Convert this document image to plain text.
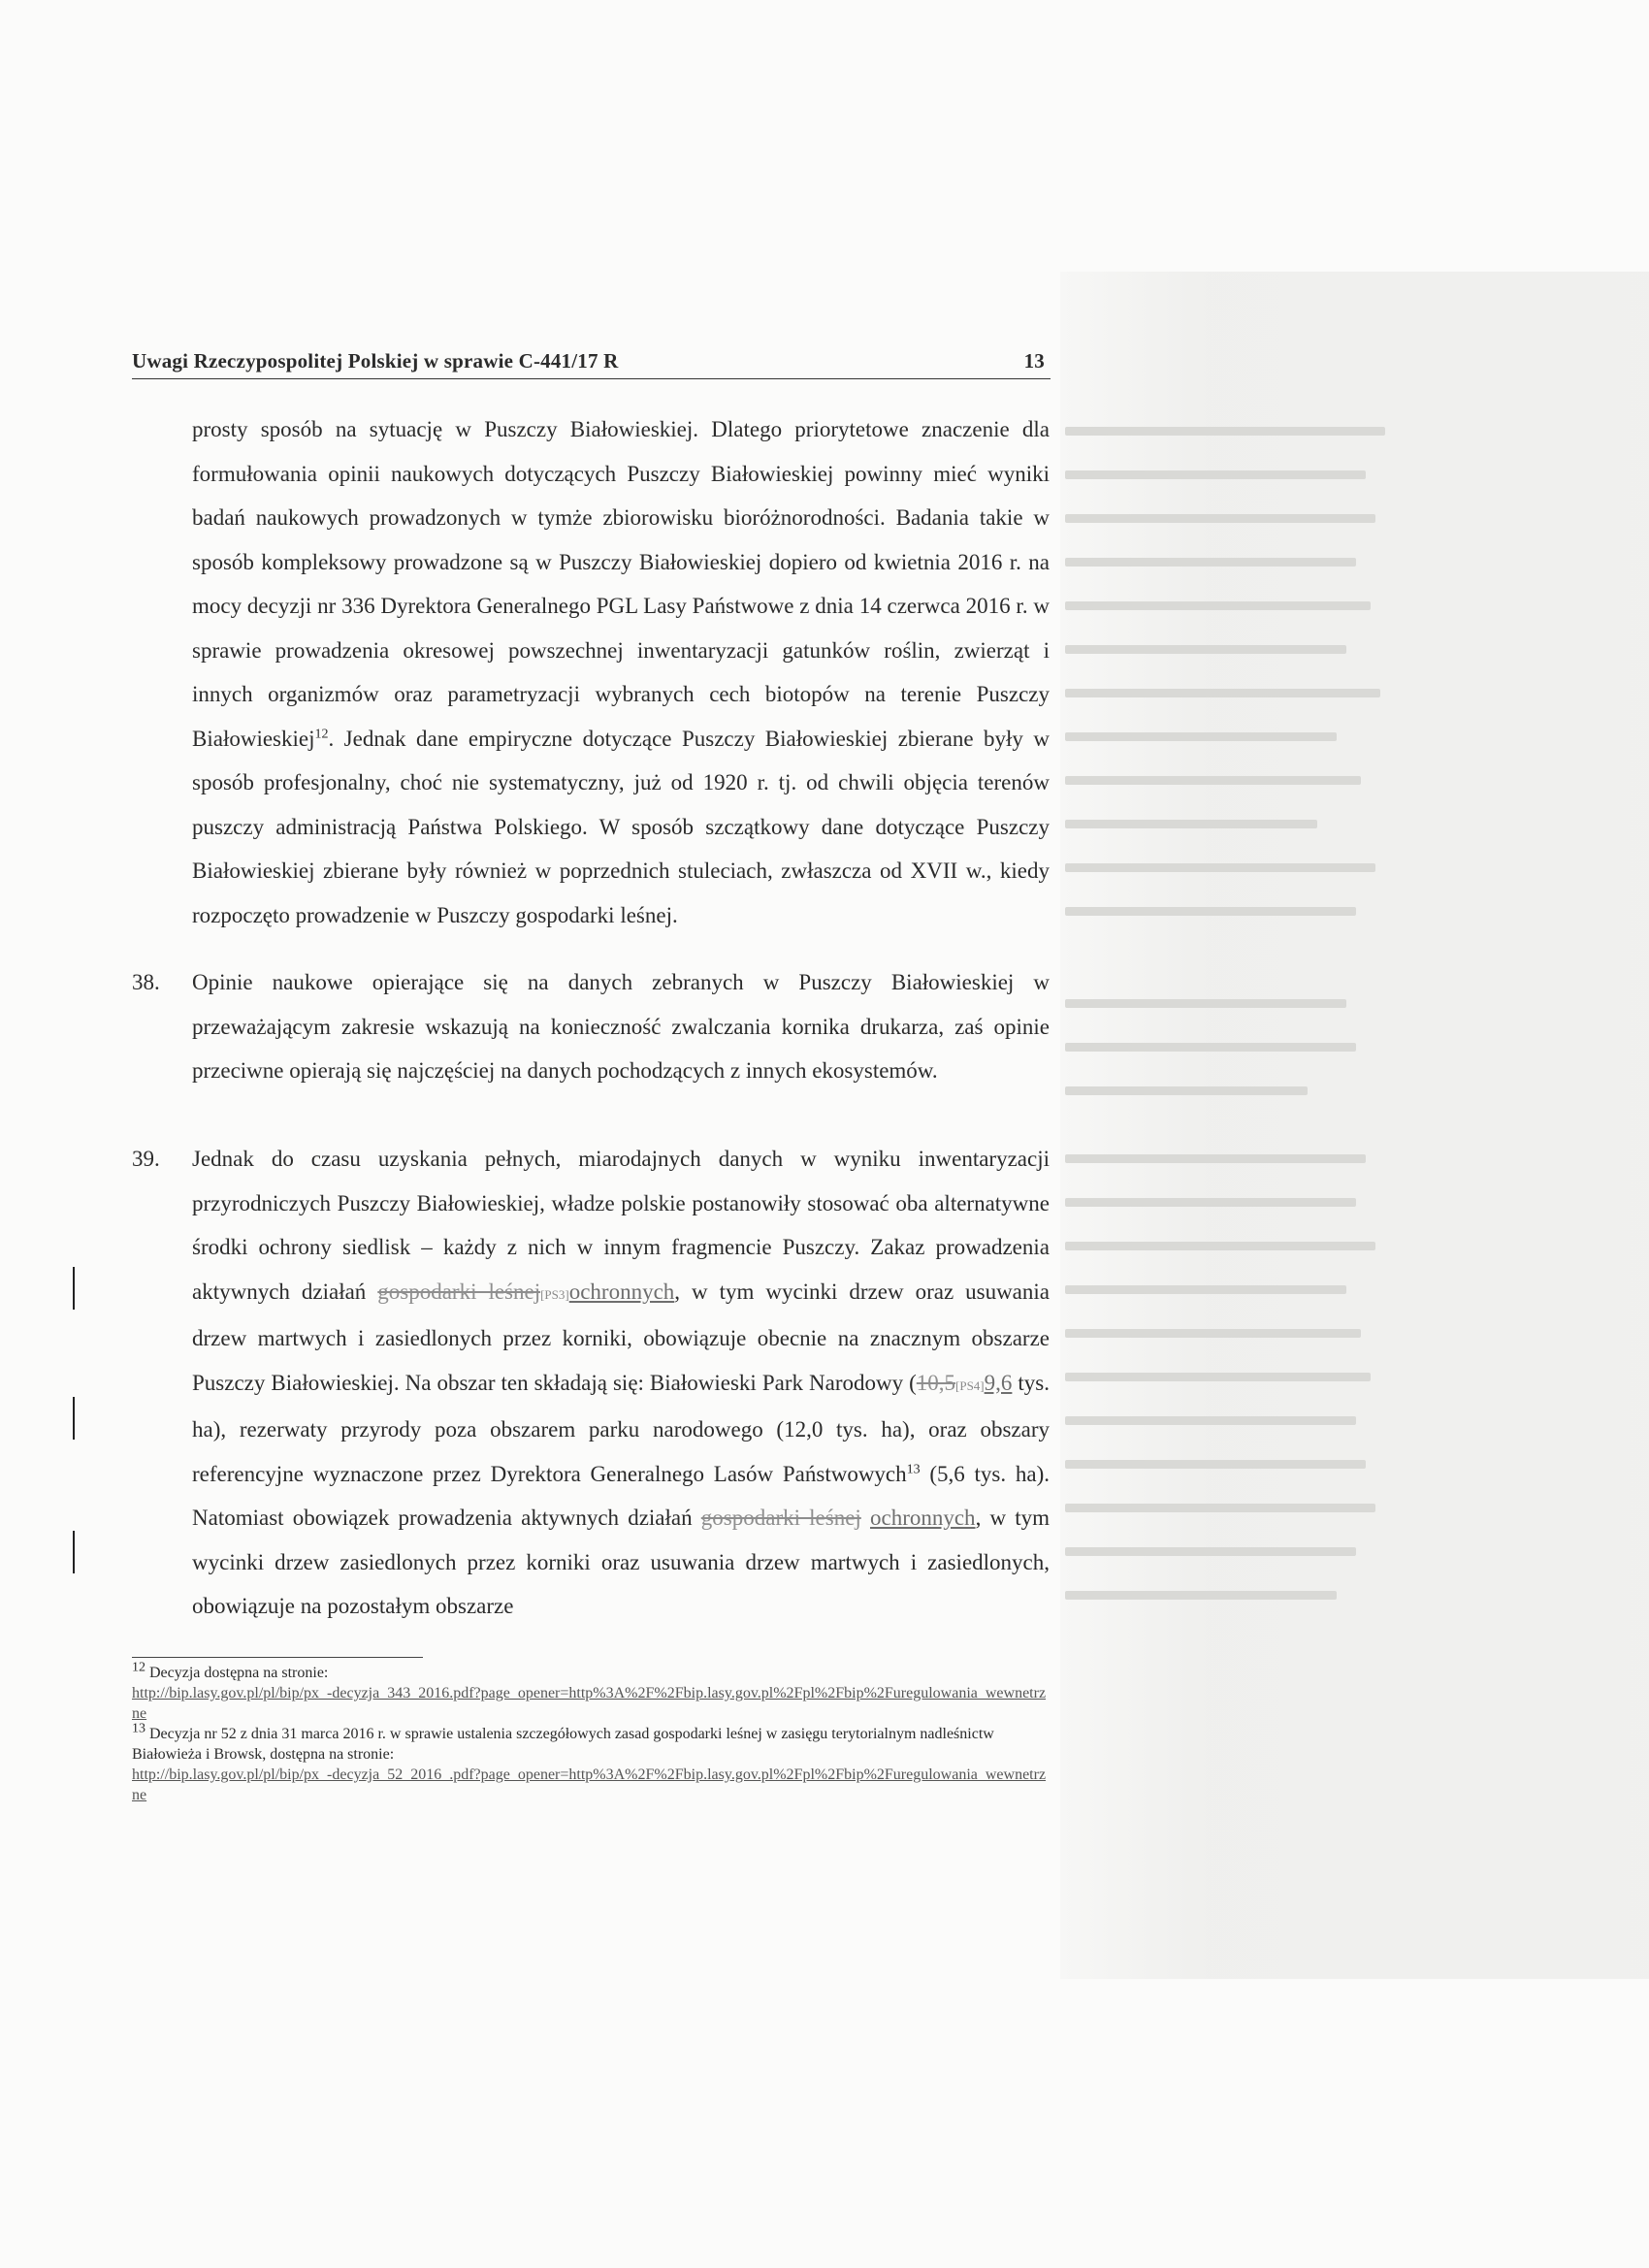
Uwagi Rzeczypospolitej Polskiej w sprawie C-441/17 R	13
prosty sposób na sytuację w Puszczy Białowieskiej. Dlatego priorytetowe znaczenie dla formułowania opinii naukowych dotyczących Puszczy Białowieskiej powinny mieć wyniki badań naukowych prowadzonych w tymże zbiorowisku bioróżnorodności. Badania takie w sposób kompleksowy prowadzone są w Puszczy Białowieskiej dopiero od kwietnia 2016 r. na mocy decyzji nr 336 Dyrektora Generalnego PGL Lasy Państwowe z dnia 14 czerwca 2016 r. w sprawie prowadzenia okresowej powszechnej inwentaryzacji gatunków roślin, zwierząt i innych organizmów oraz parametryzacji wybranych cech biotopów na terenie Puszczy Białowieskiej$^{12}$. Jednak dane empiryczne dotyczące Puszczy Białowieskiej zbierane były w sposób profesjonalny, choć nie systematyczny, już od 1920 r. tj. od chwili objęcia terenów puszczy administracją Państwa Polskiego. W sposób szczątkowy dane dotyczące Puszczy Białowieskiej zbierane były również w poprzednich stuleciach, zwłaszcza od XVII w., kiedy rozpoczęto prowadzenie w Puszczy gospodarki leśnej.
38. Opinie naukowe opierające się na danych zebranych w Puszczy Białowieskiej w przeważającym zakresie wskazują na konieczność zwalczania kornika drukarza, zaś opinie przeciwne opierają się najczęściej na danych pochodzących z innych ekosystemów.
39. Jednak do czasu uzyskania pełnych, miarodajnych danych w wyniku inwentaryzacji przyrodniczych Puszczy Białowieskiej, władze polskie postanowiły stosować oba alternatywne środki ochrony siedlisk – każdy z nich w innym fragmencie Puszczy. Zakaz prowadzenia aktywnych działań gospodarki leśnej[PS3]ochronnych, w tym wycinki drzew oraz usuwania drzew martwych i zasiedlonych przez korniki, obowiązuje obecnie na znacznym obszarze Puszczy Białowieskiej. Na obszar ten składają się: Białowieski Park Narodowy (10,5[PS4]9,6 tys. ha), rezerwaty przyrody poza obszarem parku narodowego (12,0 tys. ha), oraz obszary referencyjne wyznaczone przez Dyrektora Generalnego Lasów Państwowych$^{13}$ (5,6 tys. ha). Natomiast obowiązek prowadzenia aktywnych działań gospodarki leśnej ochronnych, w tym wycinki drzew zasiedlonych przez korniki oraz usuwania drzew martwych i zasiedlonych, obowiązuje na pozostałym obszarze
$^{12}$ Decyzja dostępna na stronie:
http://bip.lasy.gov.pl/pl/bip/px_-decyzja_343_2016.pdf?page_opener=http%3A%2F%2Fbip.lasy.gov.pl%2Fpl%2Fbip%2Furegulowania_wewnetrzne
$^{13}$ Decyzja nr 52 z dnia 31 marca 2016 r. w sprawie ustalenia szczegółowych zasad gospodarki leśnej w zasięgu terytorialnym nadleśnictw Białowieża i Browsk, dostępna na stronie:
http://bip.lasy.gov.pl/pl/bip/px_-decyzja_52_2016_.pdf?page_opener=http%3A%2F%2Fbip.lasy.gov.pl%2Fpl%2Fbip%2Furegulowania_wewnetrzne
